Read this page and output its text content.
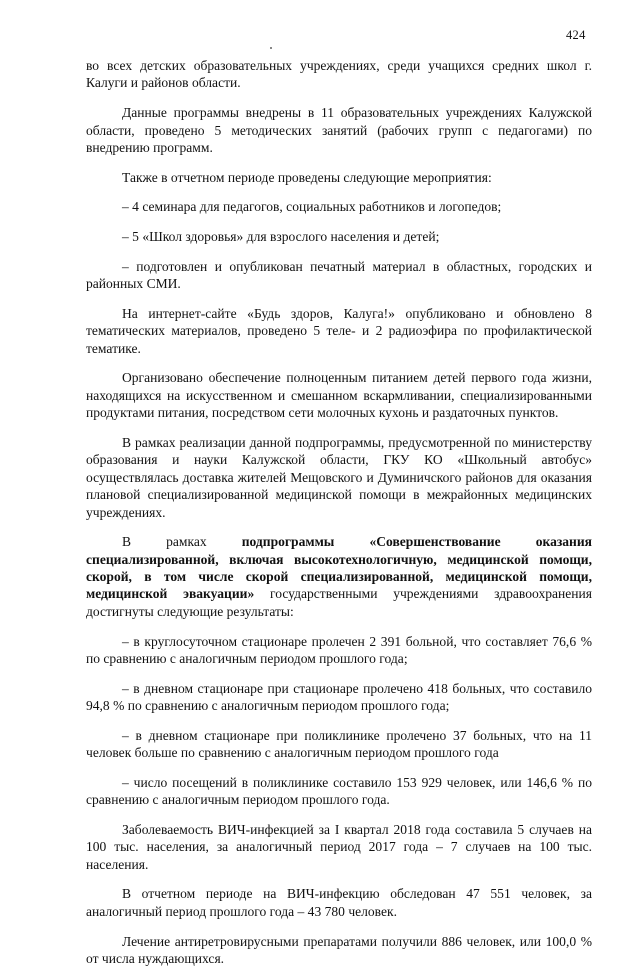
424

во всех детских образовательных учреждениях, среди учащихся средних школ г. Калуги и районов области.

Данные программы внедрены в 11 образовательных учреждениях Калужской области, проведено 5 методических занятий (рабочих групп с педагогами) по внедрению программ.

Также в отчетном периоде проведены следующие мероприятия:

– 4 семинара для педагогов, социальных работников и логопедов;

– 5 «Школ здоровья» для взрослого населения и детей;

– подготовлен и опубликован печатный материал в областных, городских и районных СМИ.

На интернет-сайте «Будь здоров, Калуга!» опубликовано и обновлено 8 тематических материалов, проведено 5 теле- и 2 радиоэфира по профилактической тематике.

Организовано обеспечение полноценным питанием детей первого года жизни, находящихся на искусственном и смешанном вскармливании, специализированными продуктами питания, посредством сети молочных кухонь и раздаточных пунктов.

В рамках реализации данной подпрограммы, предусмотренной по министерству образования и науки Калужской области, ГКУ КО «Школьный автобус» осуществлялась доставка жителей Мещовского и Думиничского районов для оказания плановой специализированной медицинской помощи в межрайонных медицинских учреждениях.

В рамках подпрограммы «Совершенствование оказания специализированной, включая высокотехнологичную, медицинской помощи, скорой, в том числе скорой специализированной, медицинской помощи, медицинской эвакуации» государственными учреждениями здравоохранения достигнуты следующие результаты:

– в круглосуточном стационаре пролечен 2 391 больной, что составляет 76,6 % по сравнению с аналогичным периодом прошлого года;

– в дневном стационаре при стационаре пролечено 418 больных, что составило 94,8 % по сравнению с аналогичным периодом прошлого года;

– в дневном стационаре при поликлинике пролечено 37 больных, что на 11 человек больше по сравнению с аналогичным периодом прошлого года

– число посещений в поликлинике составило 153 929 человек, или 146,6 % по сравнению с аналогичным периодом прошлого года.

Заболеваемость ВИЧ-инфекцией за I квартал 2018 года составила 5 случаев на 100 тыс. населения, за аналогичный период 2017 года – 7 случаев на 100 тыс. населения.

В отчетном периоде на ВИЧ-инфекцию обследован 47 551 человек, за аналогичный период прошлого года – 43 780 человек.

Лечение антиретровирусными препаратами получили 886 человек, или 100,0 % от числа нуждающихся.
